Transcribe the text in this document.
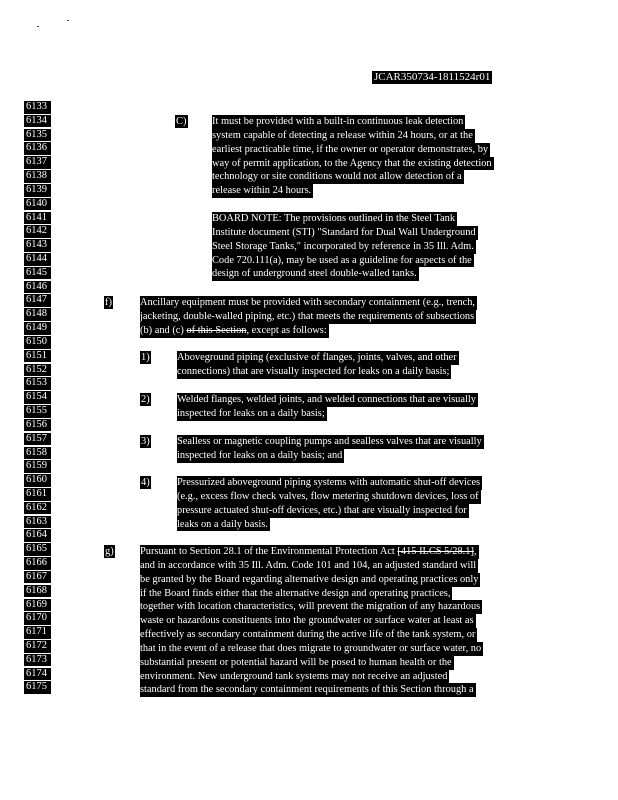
JCAR350734-1811524r01
6133
6134
6135
6136
6137
6138
6139
6140
6141
6142
6143
6144
6145
6146
6147
6148
6149
6150
6151
6152
6153
6154
6155
6156
6157
6158
6159
6160
6161
6162
6163
6164
6165
6166
6167
6168
6169
6170
6171
6172
6173
6174
6175
C) It must be provided with a built-in continuous leak detection
system capable of detecting a release within 24 hours, or at the
earliest practicable time, if the owner or operator demonstrates, by
way of permit application, to the Agency that the existing detection
technology or site conditions would not allow detection of a
release within 24 hours.
BOARD NOTE: The provisions outlined in the Steel Tank
Institute document (STI) "Standard for Dual Wall Underground
Steel Storage Tanks," incorporated by reference in 35 Ill. Adm.
Code 720.111(a), may be used as a guideline for aspects of the
design of underground steel double-walled tanks.
f)	Ancillary equipment must be provided with secondary containment (e.g., trench,
jacketing, double-walled piping, etc.) that meets the requirements of subsections
(b) and (c) of this Section, except as follows:
1)	Aboveground piping (exclusive of flanges, joints, valves, and other
connections) that are visually inspected for leaks on a daily basis;
2)	Welded flanges, welded joints, and welded connections that are visually
inspected for leaks on a daily basis;
3)	Sealless or magnetic coupling pumps and sealless valves that are visually
inspected for leaks on a daily basis; and
4)	Pressurized aboveground piping systems with automatic shut-off devices
(e.g., excess flow check valves, flow metering shutdown devices, loss of
pressure actuated shut-off devices, etc.) that are visually inspected for
leaks on a daily basis.
g)	Pursuant to Section 28.1 of the Environmental Protection Act [415 ILCS 5/28.1],
and in accordance with 35 Ill. Adm. Code 101 and 104, an adjusted standard will
be granted by the Board regarding alternative design and operating practices only
if the Board finds either that the alternative design and operating practices,
together with location characteristics, will prevent the migration of any hazardous
waste or hazardous constituents into the groundwater or surface water at least as
effectively as secondary containment during the active life of the tank system, or
that in the event of a release that does migrate to groundwater or surface water, no
substantial present or potential hazard will be posed to human health or the
environment. New underground tank systems may not receive an adjusted
standard from the secondary containment requirements of this Section through a
